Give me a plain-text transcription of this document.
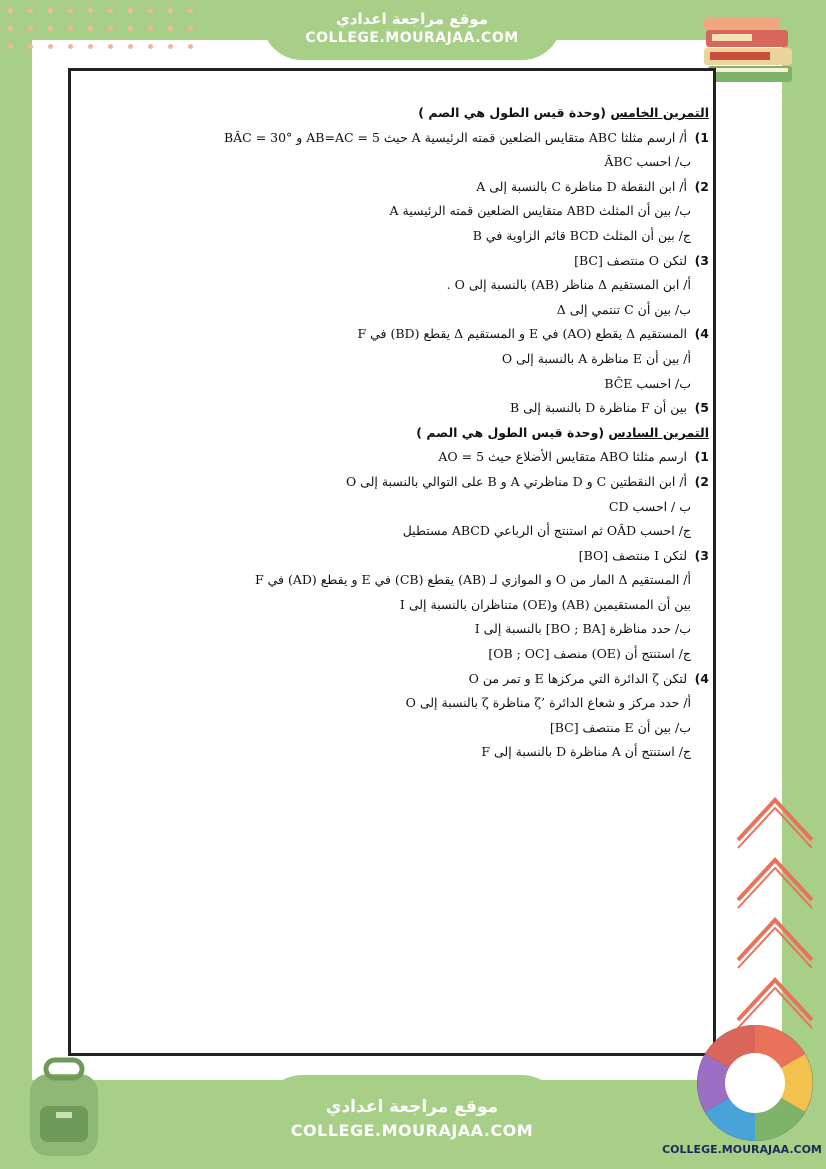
موقع مراجعة اعدادي
COLLEGE.MOURAJAA.COM
التمرين الخامس (وحدة قيس الطول هي الصم )
1) أ/ ارسم مثلثا ABC متقايس الضلعين قمته الرئيسية A حيث AB=AC = 5 و BÂC = 30°
ب/ احسب ÂBC
2) أ/ ابن النقطة D مناظرة C بالنسبة إلى A
ب/ بين أن المثلث ABD متقايس الضلعين قمته الرئيسية A
ج/ بين أن المثلث BCD قائم الزاوية في B
3) لتكن O منتصف [BC]
أ/ ابن المستقيم Δ مناظر (AB) بالنسبة إلى O .
ب/ بين أن C تنتمي إلى Δ
4) المستقيم Δ يقطع (AO) في E و المستقيم Δ يقطع (BD) في F
أ/ بين أن E مناظرة A بالنسبة إلى O
ب/ احسب BĈE
5) بين أن F مناظرة D بالنسبة إلى B
التمرين السادس (وحدة قيس الطول هي الصم )
1) ارسم مثلثا ABO متقايس الأضلاع حيث AO = 5
2) أ/ ابن النقطتين C و D مناظرتي A و B على التوالي بالنسبة إلى O
ب / احسب CD
ج/ احسب OÂD ثم استنتج أن الرباعي ABCD مستطيل
3) لتكن I منتصف [BO]
أ/ المستقيم Δ المار من O و الموازي لـ (AB) يقطع (CB) في E و يقطع (AD) في F
بين أن المستقيمين (AB) و(OE) متناظران بالنسبة إلى I
ب/ حدد مناظرة [BO ; BA] بالنسبة إلى I
ج/ استنتج أن (OE) منصف [OB ; OC]
4) لتكن ζ الدائرة التي مركزها E و تمر من O
أ/ حدد مركز و شعاع الدائرة ’ζ مناظرة ζ بالنسبة إلى O
ب/ بين أن E منتصف [BC]
ج/ استنتج أن A مناظرة D بالنسبة إلى F
COLLEGE.MOURAJAA.COM
موقع مراجعة اعدادي
COLLEGE.MOURAJAA.COM
